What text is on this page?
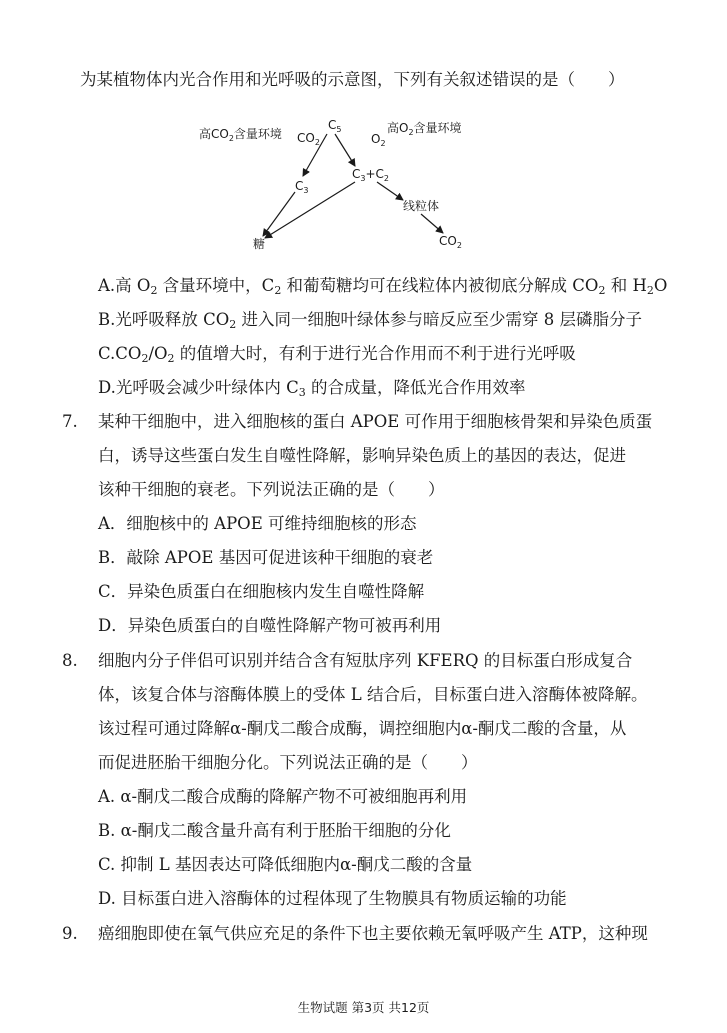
为某植物体内光合作用和光呼吸的示意图，下列有关叙述错误的是（　　）
高$CO_2$含量环境 $CO_2$
$C_5$
$O_2$
高$O_2$含量环境
$C_3$
$C_3+C_2$
线粒体
糖	$CO_2$
A.高 $O_2$ 含量环境中，$C_2$ 和葡萄糖均可在线粒体内被彻底分解成 $CO_2$ 和 $H_2O$
B.光呼吸释放 $CO_2$ 进入同一细胞叶绿体参与暗反应至少需穿 8 层磷脂分子
$C.CO_2/O_2$ 的值增大时，有利于进行光合作用而不利于进行光呼吸
D.光呼吸会减少叶绿体内 $C_3$ 的合成量，降低光合作用效率
7. 某种干细胞中，进入细胞核的蛋白 APOE 可作用于细胞核骨架和异染色质蛋
白，诱导这些蛋白发生自噬性降解，影响异染色质上的基因的表达，促进
该种干细胞的衰老。下列说法正确的是（　　）
A．细胞核中的 APOE 可维持细胞核的形态
B．敲除 APOE 基因可促进该种干细胞的衰老
C．异染色质蛋白在细胞核内发生自噬性降解
D．异染色质蛋白的自噬性降解产物可被再利用
8. 细胞内分子伴侣可识别并结合含有短肽序列 KFERQ 的目标蛋白形成复合
体，该复合体与溶酶体膜上的受体 L 结合后，目标蛋白进入溶酶体被降解。
该过程可通过降解α-酮戊二酸合成酶，调控细胞内α-酮戊二酸的含量，从
而促进胚胎干细胞分化。下列说法正确的是（　　）
A. α-酮戊二酸合成酶的降解产物不可被细胞再利用
B. α-酮戊二酸含量升高有利于胚胎干细胞的分化
C. 抑制 L 基因表达可降低细胞内α-酮戊二酸的含量
D. 目标蛋白进入溶酶体的过程体现了生物膜具有物质运输的功能
9. 癌细胞即使在氧气供应充足的条件下也主要依赖无氧呼吸产生 ATP，这种现
生物试题 第3页 共12页
